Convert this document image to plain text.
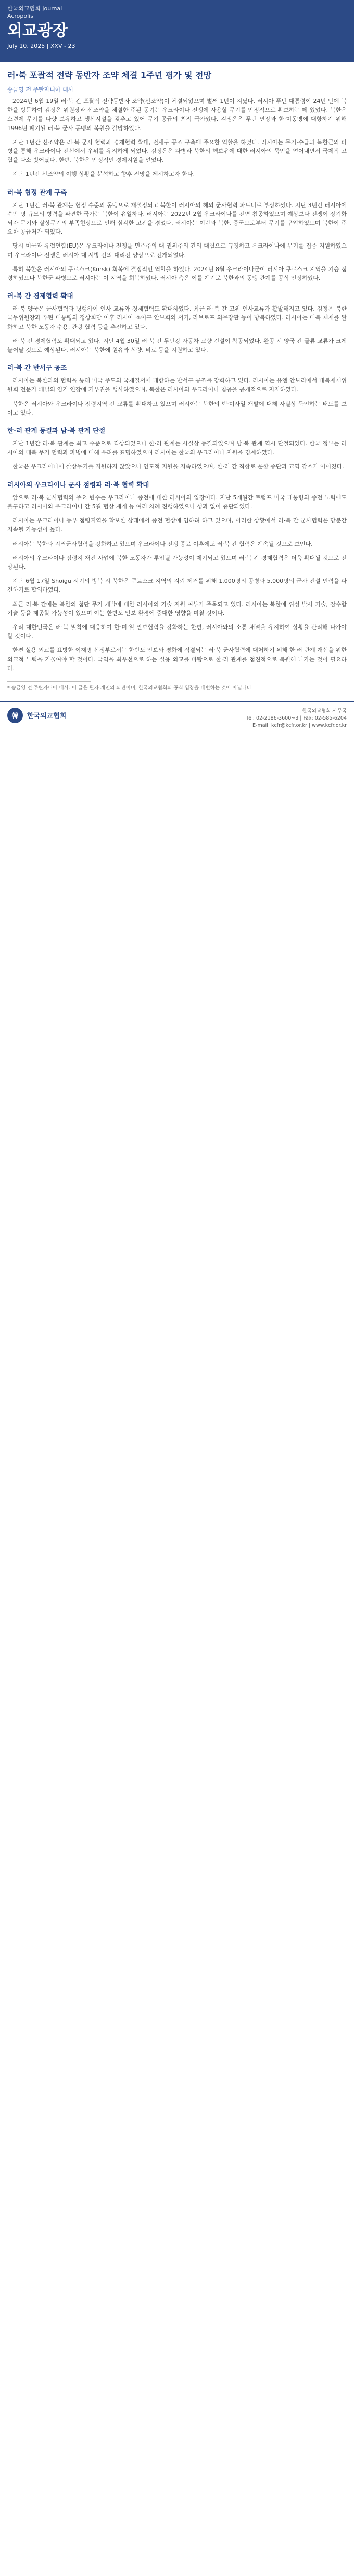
한국외교협회 Journal
Acropolis
외교광장
July 10, 2025 | XXV - 23
러·북 포괄적 전략 동반자 조약 체결 1주년 평가 및 전망
송금영 전 주탄자니아 대사

2024년 6월 19일 러·북 간 포괄적 전략동반자 조약(신조약)이 체결되었으며 벌써 1년이 지났다. 러시아 푸틴 대통령이 24년 만에 북한을 방문하여 김정은 위원장과 신조약을 체결한 주된 동기는 우크라이나 전쟁에 사용할 무기를 안정적으로 확보하는 데 있었다. 북한은 소련제 무기를 다량 보유하고 생산시설을 갖추고 있어 무기 공급의 최적 국가였다. 김정은은 푸틴 연장과 한·미동맹에 대항하기 위해 1996년 폐기된 러·북 군사 동맹의 복원을 갈망하였다.

지난 1년간 신조약은 러·북 군사 협력과 경제협력 확대, 전세구 공조 구축에 주요한 역할을 하였다. 러시아는 무기·수급과 북한군의 파병을 통해 우크라이나 전선에서 우위를 유지하게 되었다. 김정은은 파병과 북한의 핵보유에 대한 러시아의 묵인을 얻어내면서 국제적 고립을 다소 벗어났다. 한편, 북한은 안정적인 경제지원을 얻었다.

지난 1년간 신조약의 이행 상황을 분석하고 향후 전망을 제시하고자 한다.

러·북 협정 관계 구축

지난 1년간 러·북 관계는 협정 수준의 동맹으로 재설정되고 북한이 러시아의 해외 군사협력 파트너로 부상하였다. 지난 3년간 러시아에 수만 명 규모의 병력을 파견한 국가는 북한이 유일하다. 러시아는 2022년 2월 우크라이나를 전면 침공하였으며 예상보다 전쟁이 장기화 되자 무기와 살상무기의 부족현상으로 인해 심각한 고전을 겪었다. 러시아는 이란과 북한, 중국으로부터 무기를 구입하였으며 북한이 주요한 공급처가 되었다.

당시 미국과 유럽연합(EU)은 우크라이나 전쟁을 민주주의 대 권위주의 간의 대립으로 규정하고 우크라이나에 무기를 집중 지원하였으며 우크라이나 전쟁은 러시아 대 서방 간의 대리전 양상으로 전개되었다.

특히 북한은 러시아의 쿠르스크(Kursk) 회복에 결정적인 역할을 하였다. 2024년 8월 우크라이나군이 러시아 쿠르스크 지역을 기습 점령하였으나 북한군 파병으로 러시아는 이 지역을 회복하였다. 러시아 측은 이를 계기로 북한과의 동맹 관계를 공식 인정하였다.

러·북 간 경제협력 확대

러·북 양국은 군사협력과 병행하여 인사 교류와 경제협력도 확대하였다. 최근 러·북 간 고위 인사교류가 활발해지고 있다. 김정은 북한 국무위원장과 푸틴 대통령의 정상회담 이후 러시아 쇼이구 안보회의 서기, 라브로프 외무장관 등이 방북하였다. 러시아는 대북 제재를 완화하고 북한 노동자 수용, 관광 협력 등을 추진하고 있다.

러·북 간 경제협력도 확대되고 있다. 지난 4월 30일 러·북 간 두만강 자동차 교량 건설이 착공되었다. 완공 시 양국 간 물류 교류가 크게 늘어날 것으로 예상된다. 러시아는 북한에 원유와 식량, 비료 등을 지원하고 있다.

러·북 간 반서구 공조

러시아는 북한과의 협력을 통해 미국 주도의 국제질서에 대항하는 반서구 공조를 강화하고 있다. 러시아는 유엔 안보리에서 대북제재위원회 전문가 패널의 임기 연장에 거부권을 행사하였으며, 북한은 러시아의 우크라이나 침공을 공개적으로 지지하였다.

북한은 러시아와 우크라이나 점령지역 간 교류를 확대하고 있으며 러시아는 북한의 핵·미사일 개발에 대해 사실상 묵인하는 태도를 보이고 있다.

한·러 관계 동결과 남·북 관계 단절

지난 1년간 러·북 관계는 최고 수준으로 격상되었으나 한·러 관계는 사실상 동결되었으며 남·북 관계 역시 단절되었다. 한국 정부는 러시아의 대북 무기 협력과 파병에 대해 우려를 표명하였으며 러시아는 한국의 우크라이나 지원을 경계하였다.

한국은 우크라이나에 살상무기를 지원하지 않았으나 인도적 지원을 지속하였으며, 한·러 간 직항로 운항 중단과 교역 감소가 이어졌다.

러시아의 우크라이나 군사 점령과 러·북 협력 확대

앞으로 러·북 군사협력의 주요 변수는 우크라이나 종전에 대한 러시아의 입장이다. 지난 5개월간 트럼프 미국 대통령의 종전 노력에도 불구하고 러시아와 우크라이나 간 5월 협상 재개 등 여러 차례 진행하였으나 성과 없이 중단되었다.

러시아는 우크라이나 동부 점령지역을 확보한 상태에서 종전 협상에 임하려 하고 있으며, 이러한 상황에서 러·북 간 군사협력은 당분간 지속될 가능성이 높다.

러시아는 북한과 지역군사협력을 강화하고 있으며 우크라이나 전쟁 종료 이후에도 러·북 간 협력은 계속될 것으로 보인다.

러시아의 우크라이나 점령지 재건 사업에 북한 노동자가 투입될 가능성이 제기되고 있으며 러·북 간 경제협력은 더욱 확대될 것으로 전망된다.

지난 6월 17일 Shoigu 서기의 방북 시 북한은 쿠르스크 지역의 지뢰 제거를 위해 1,000명의 공병과 5,000명의 군사 건설 인력을 파견하기로 합의하였다.

최근 러·북 간에는 북한의 첨단 무기 개발에 대한 러시아의 기술 지원 여부가 주목되고 있다. 러시아는 북한에 위성 발사 기술, 잠수함 기술 등을 제공할 가능성이 있으며 이는 한반도 안보 환경에 중대한 영향을 미칠 것이다.

우리 대한민국은 러·북 밀착에 대응하여 한·미·일 안보협력을 강화하는 한편, 러시아와의 소통 채널을 유지하여 상황을 관리해 나가야 할 것이다.

한편 실용 외교를 표방한 이재명 신정부로서는 한반도 안보와 평화에 직결되는 러·북 군사협력에 대처하기 위해 한·러 관계 개선을 위한 외교적 노력을 기울여야 할 것이다. 국익을 최우선으로 하는 실용 외교를 바탕으로 한·러 관계를 점진적으로 복원해 나가는 것이 필요하다.

* 송금영 전 주탄자니아 대사. 이 글은 필자 개인의 의견이며, 한국외교협회의 공식 입장을 대변하는 것이 아닙니다.

韓	한국외교협회
한국외교협회 사무국
Tel: 02-2186-3600~3 | Fax: 02-585-6204
E-mail: kcfr@kcfr.or.kr | www.kcfr.or.kr
